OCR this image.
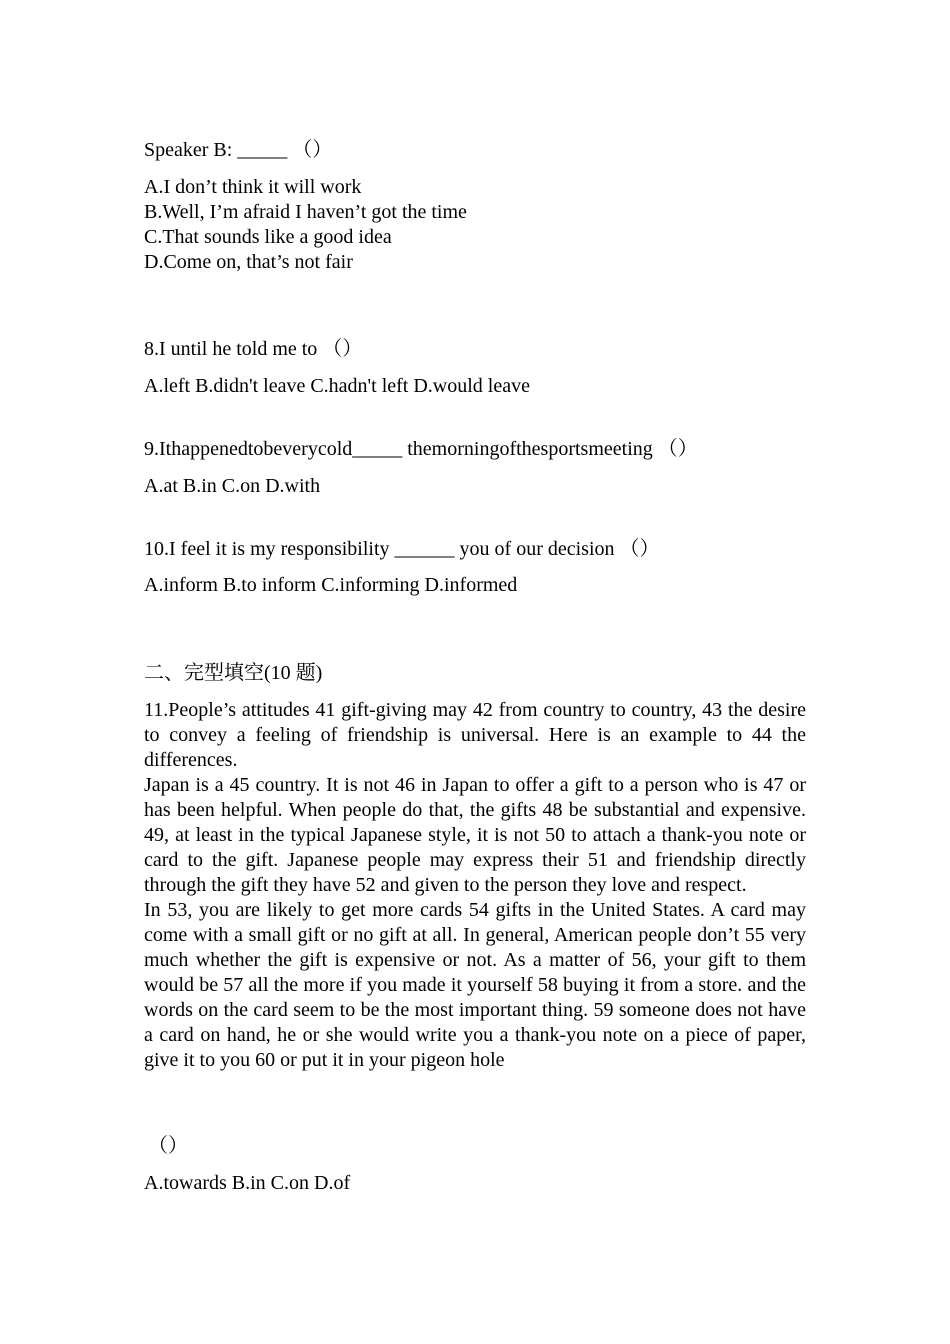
Speaker B: _____ （）
A.I don’t think it will work
B.Well, I’m afraid I haven’t got the time
C.That sounds like a good idea
D.Come on, that’s not fair
8.I until he told me to （）
A.left B.didn't leave C.hadn't left D.would leave
9.Ithappenedtobeverycold_____ themorningofthesportsmeeting （）
A.at B.in C.on D.with
10.I feel it is my responsibility ______ you of our decision （）
A.inform B.to inform C.informing D.informed
二、完型填空(10 题)
11.People’s attitudes 41 gift-giving may 42 from country to country, 43 the desire to convey a feeling of friendship is universal. Here is an example to 44 the differences.
Japan is a 45 country. It is not 46 in Japan to offer a gift to a person who is 47 or has been helpful. When people do that, the gifts 48 be substantial and expensive. 49, at least in the typical Japanese style, it is not 50 to attach a thank-you note or card to the gift. Japanese people may express their 51 and friendship directly through the gift they have 52 and given to the person they love and respect.
In 53, you are likely to get more cards 54 gifts in the United States. A card may come with a small gift or no gift at all. In general, American people don’t 55 very much whether the gift is expensive or not. As a matter of 56, your gift to them would be 57 all the more if you made it yourself 58 buying it from a store. and the words on the card seem to be the most important thing. 59 someone does not have a card on hand, he or she would write you a thank-you note on a piece of paper, give it to you 60 or put it in your pigeon hole
（）
A.towards B.in C.on D.of
